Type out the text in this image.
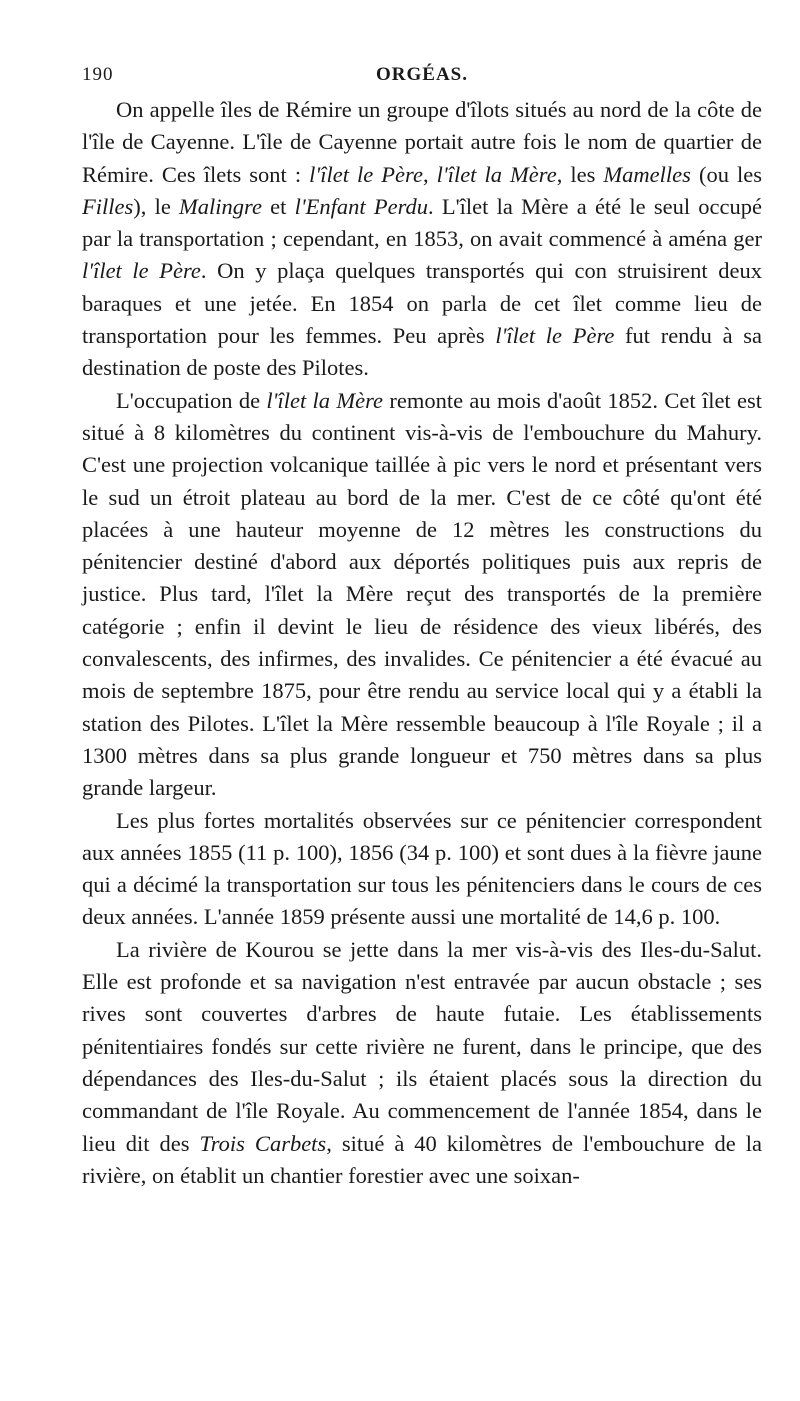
190	ORGÉAS.

On appelle îles de Rémire un groupe d'îlots situés au nord de la côte de l'île de Cayenne. L'île de Cayenne portait autre fois le nom de quartier de Rémire. Ces îlets sont : l'îlet le Père, l'îlet la Mère, les Mamelles (ou les Filles), le Malingre et l'Enfant Perdu. L'îlet la Mère a été le seul occupé par la transportation ; cependant, en 1853, on avait commencé à aména ger l'îlet le Père. On y plaça quelques transportés qui con struisirent deux baraques et une jetée. En 1854 on parla de cet îlet comme lieu de transportation pour les femmes. Peu après l'îlet le Père fut rendu à sa destination de poste des Pilotes.

L'occupation de l'îlet la Mère remonte au mois d'août 1852. Cet îlet est situé à 8 kilomètres du continent vis-à-vis de l'embouchure du Mahury. C'est une projection volcanique taillée à pic vers le nord et présentant vers le sud un étroit plateau au bord de la mer. C'est de ce côté qu'ont été placées à une hauteur moyenne de 12 mètres les constructions du pénitencier destiné d'abord aux déportés politiques puis aux repris de justice. Plus tard, l'îlet la Mère reçut des transportés de la première catégorie ; enfin il devint le lieu de résidence des vieux libérés, des convalescents, des infirmes, des invalides. Ce pénitencier a été évacué au mois de septembre 1875, pour être rendu au service local qui y a établi la station des Pilotes. L'îlet la Mère ressemble beaucoup à l'île Royale ; il a 1300 mètres dans sa plus grande longueur et 750 mètres dans sa plus grande largeur.

Les plus fortes mortalités observées sur ce pénitencier correspondent aux années 1855 (11 p. 100), 1856 (34 p. 100) et sont dues à la fièvre jaune qui a décimé la transportation sur tous les pénitenciers dans le cours de ces deux années. L'année 1859 présente aussi une mortalité de 14,6 p. 100.

La rivière de Kourou se jette dans la mer vis-à-vis des Iles-du-Salut. Elle est profonde et sa navigation n'est entravée par aucun obstacle ; ses rives sont couvertes d'arbres de haute futaie. Les établissements pénitentiaires fondés sur cette rivière ne furent, dans le principe, que des dépendances des Iles-du-Salut ; ils étaient placés sous la direction du commandant de l'île Royale. Au commencement de l'année 1854, dans le lieu dit des Trois Carbets, situé à 40 kilomètres de l'embouchure de la rivière, on établit un chantier forestier avec une soixan-
